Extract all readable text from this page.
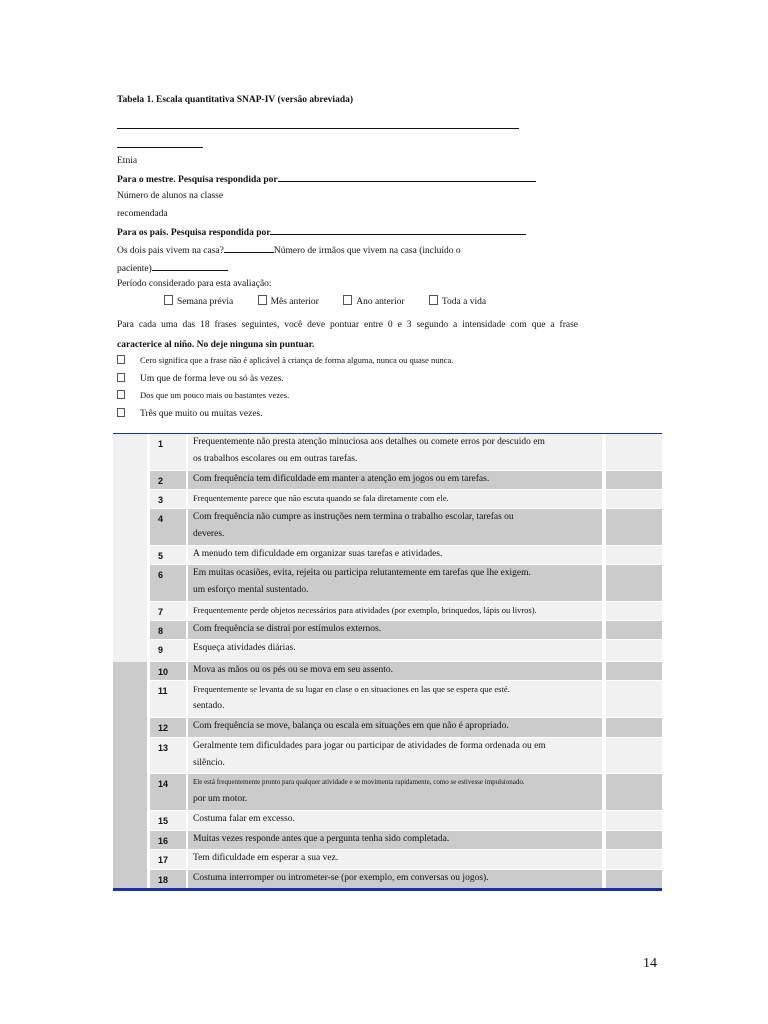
Tabela 1. Escala quantitativa SNAP-IV (versão abreviada)
Etnia
Para o mestre. Pesquisa respondida por
Número de alunos na classe
recomendada
Para os pais. Pesquisa respondida por
Os dois pais vivem na casa?	Número de irmãos que vivem na casa (incluído o
paciente)
Período considerado para esta avaliação:
Semana prévia	Mês anterior	Ano anterior	Toda a vida
Para cada uma das 18 frases seguintes, você deve pontuar entre 0 e 3 segundo a intensidade com que a frase
caracterice al niño. No deje ninguna sin puntuar.
Cero significa que a frase não é aplicável à criança de forma alguma, nunca ou quase nunca.
Um que de forma leve ou só às vezes.
Dos que um pouco mais ou bastantes vezes.
Três que muito ou muitas vezes.
1	Frequentemente não presta atenção minuciosa aos detalhes ou comete erros por descuido em
os trabalhos escolares ou em outras tarefas.
2	Com frequência tem dificuldade em manter a atenção em jogos ou em tarefas.
3	Frequentemente parece que não escuta quando se fala diretamente com ele.
4	Com frequência não cumpre as instruções nem termina o trabalho escolar, tarefas ou
deveres.
5	A menudo tem dificuldade em organizar suas tarefas e atividades.
6	Em muitas ocasiões, evita, rejeita ou participa relutantemente em tarefas que lhe exigem.
um esforço mental sustentado.
7	Frequentemente perde objetos necessários para atividades (por exemplo, brinquedos, lápis ou livros).
8	Com frequência se distrai por estímulos externos.
9	Esqueça atividades diárias.
10	Mova as mãos ou os pés ou se mova em seu assento.
11	Frequentemente se levanta de su lugar en clase o en situaciones en las que se espera que esté.
sentado.
12	Com frequência se move, balança ou escala em situações em que não é apropriado.
13	Geralmente tem dificuldades para jogar ou participar de atividades de forma ordenada ou em
silêncio.
14	Ele está frequentemente pronto para qualquer atividade e se movimenta rapidamente, como se estivesse impulsionado.
por um motor.
15	Costuma falar em excesso.
16	Muitas vezes responde antes que a pergunta tenha sido completada.
17	Tem dificuldade em esperar a sua vez.
18	Costuma interromper ou intrometer-se (por exemplo, em conversas ou jogos).
14
